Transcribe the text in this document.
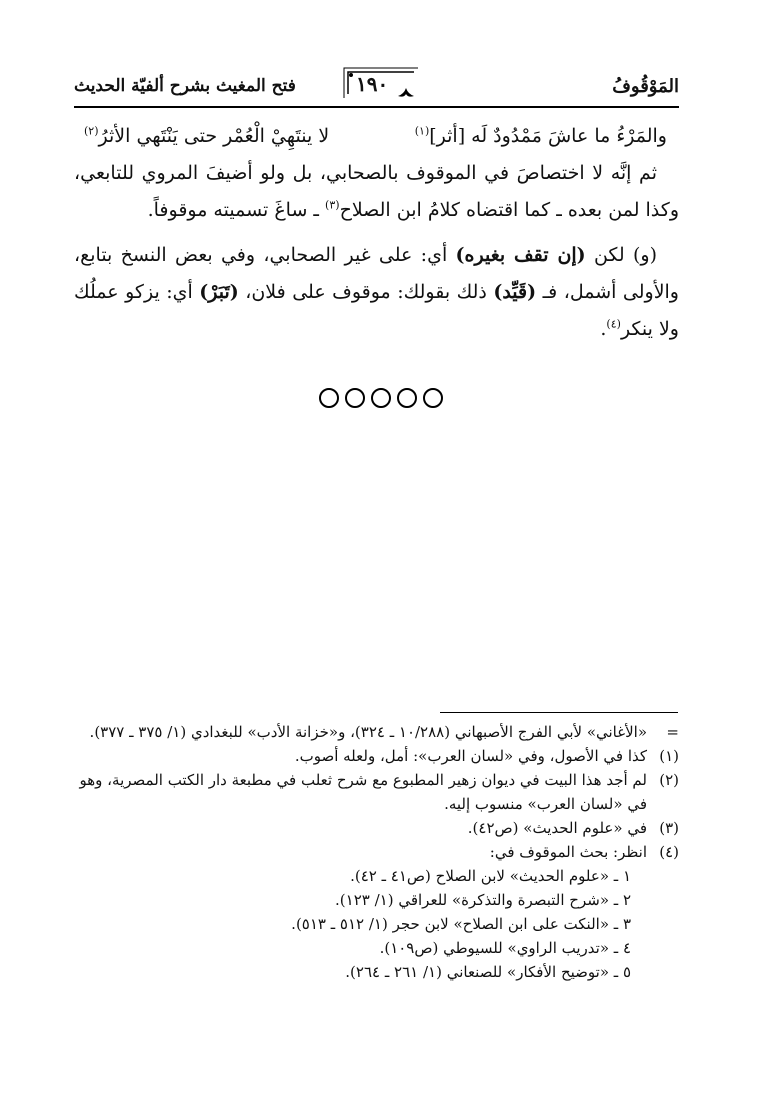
المَوْقُوفُ
١٩٠
فتح المغيث بشرح ألفيّة الحديث
والمَرْءُ ما عاشَ مَمْدُودٌ لَه [أثر]$^{(١)}$
لا ينتَهِيْ الْعُمْر حتى يَنْتَهي الأثرُ$^{(٢)}$

ثم إنَّه لا اختصاصَ في الموقوف بالصحابي، بل ولو أضيفَ المروي للتابعي، وكذا لمن بعده ـ كما اقتضاه كلامُ ابن الصلاح$^{(٣)}$ ـ ساغَ تسميته موقوفاً.

(و) لكن (إن تقف بغيره) أي: على غير الصحابي، وفي بعض النسخ بتابع، والأولى أشمل، فـ (قَيِّد) ذلك بقولك: موقوف على فلان، (تَبَرْ) أي: يزكو عملُك ولا ينكر$^{(٤)}$.

=
«الأغاني» لأبي الفرج الأصبهاني (١٠/٢٨٨ ـ ٣٢٤)، و«خزانة الأدب» للبغدادي (١/ ٣٧٥ ـ ٣٧٧).
(١)
كذا في الأصول، وفي «لسان العرب»: أمل، ولعله أصوب.
(٢)
لم أجد هذا البيت في ديوان زهير المطبوع مع شرح ثعلب في مطبعة دار الكتب المصرية، وهو في «لسان العرب» منسوب إليه.
(٣)
في «علوم الحديث» (ص٤٢).
(٤)
انظر: بحث الموقوف في:
١ ـ «علوم الحديث» لابن الصلاح (ص٤١ ـ ٤٢).
٢ ـ «شرح التبصرة والتذكرة» للعراقي (١/ ١٢٣).
٣ ـ «النكت على ابن الصلاح» لابن حجر (١/ ٥١٢ ـ ٥١٣).
٤ ـ «تدريب الراوي» للسيوطي (ص١٠٩).
٥ ـ «توضيح الأفكار» للصنعاني (١/ ٢٦١ ـ ٢٦٤).
